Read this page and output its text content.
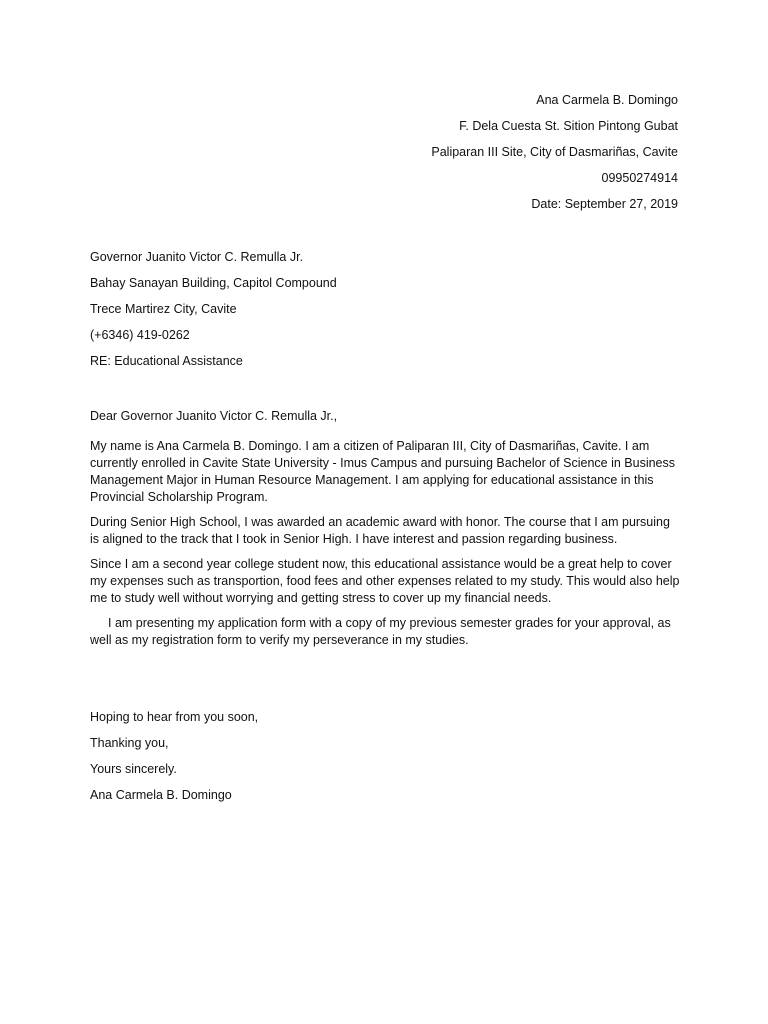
Ana Carmela B. Domingo
F. Dela Cuesta St. Sition Pintong Gubat
Paliparan III Site, City of Dasmariñas, Cavite
09950274914
Date: September 27, 2019
Governor Juanito Victor C. Remulla Jr.
Bahay Sanayan Building, Capitol Compound
Trece Martirez City, Cavite
(+6346) 419-0262
RE: Educational Assistance
Dear Governor Juanito Victor C. Remulla Jr.,

My name is Ana Carmela B. Domingo. I am a citizen of Paliparan III, City of Dasmariñas, Cavite. I am currently enrolled in Cavite State University - Imus Campus and pursuing Bachelor of Science in Business Management Major in Human Resource Management. I am applying for educational assistance in this Provincial Scholarship Program.

During Senior High School, I was awarded an academic award with honor. The course that I am pursuing is aligned to the track that I took in Senior High. I have interest and passion regarding business.

Since I am a second year college student now, this educational assistance would be a great help to cover my expenses such as transportion, food fees and other expenses related to my study. This would also help me to study well without worrying and getting stress to cover up my financial needs.

I am presenting my application form with a copy of my previous semester grades for your approval, as well as my registration form to verify my perseverance in my studies.

Hoping to hear from you soon,
Thanking you,
Yours sincerely.
Ana Carmela B. Domingo
